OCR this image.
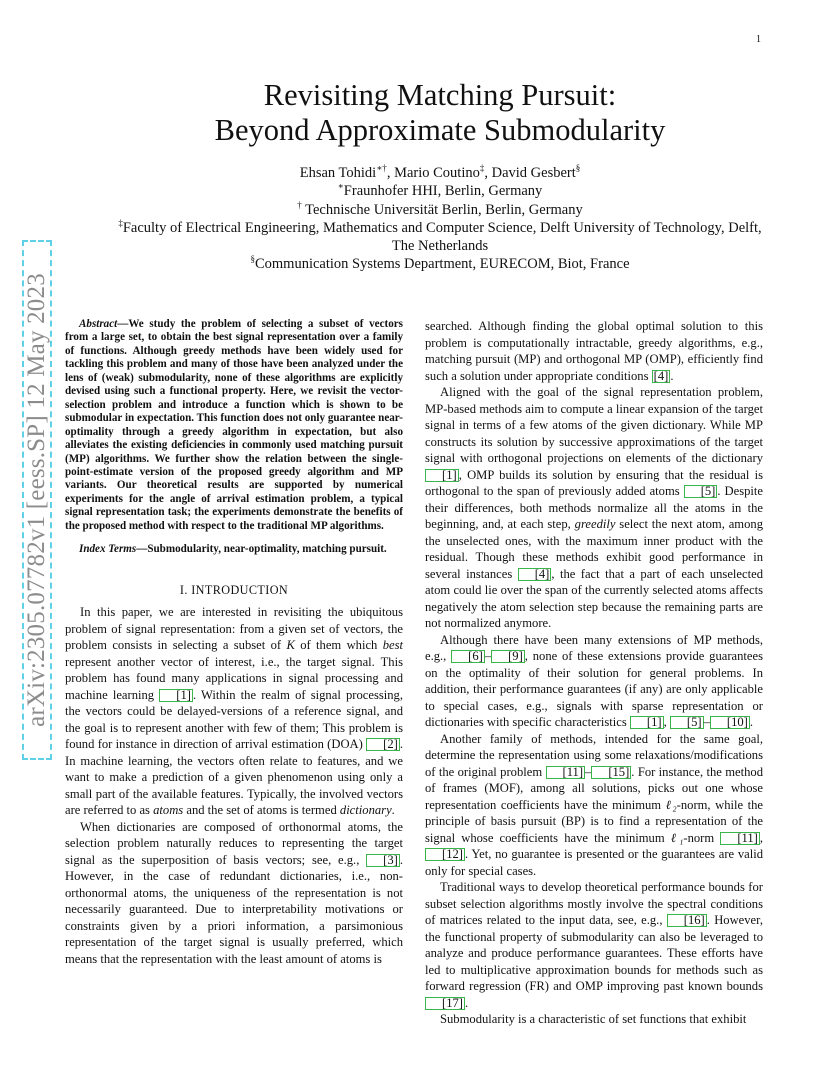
1
arXiv:2305.07782v1 [eess.SP] 12 May 2023
Revisiting Matching Pursuit:
Beyond Approximate Submodularity
Ehsan Tohidi∗†, Mario Coutino‡, David Gesbert§
∗Fraunhofer HHI, Berlin, Germany
† Technische Universität Berlin, Berlin, Germany
‡Faculty of Electrical Engineering, Mathematics and Computer Science, Delft University of Technology, Delft,
The Netherlands
§Communication Systems Department, EURECOM, Biot, France
Abstract—We study the problem of selecting a subset of vectors from a large set, to obtain the best signal representation over a family of functions. Although greedy methods have been widely used for tackling this problem and many of those have been analyzed under the lens of (weak) submodularity, none of these algorithms are explicitly devised using such a functional property. Here, we revisit the vector-selection problem and introduce a function which is shown to be submodular in expectation. This function does not only guarantee near-optimality through a greedy algorithm in expectation, but also alleviates the existing deficiencies in commonly used matching pursuit (MP) algorithms. We further show the relation between the single-point-estimate version of the proposed greedy algorithm and MP variants. Our theoretical results are supported by numerical experiments for the angle of arrival estimation problem, a typical signal representation task; the experiments demonstrate the benefits of the proposed method with respect to the traditional MP algorithms.
Index Terms—Submodularity, near-optimality, matching pursuit.
I. INTRODUCTION

In this paper, we are interested in revisiting the ubiquitous problem of signal representation: from a given set of vectors, the problem consists in selecting a subset of K of them which best represent another vector of interest, i.e., the target signal. This problem has found many applications in signal processing and machine learning [1] . Within the realm of signal processing, the vectors could be delayed-versions of a reference signal, and the goal is to represent another with few of them; This problem is found for instance in direction of arrival estimation (DOA) [2] . In machine learning, the vectors often relate to features, and we want to make a prediction of a given phenomenon using only a small part of the available features. Typically, the involved vectors are referred to as atoms and the set of atoms is termed dictionary.

When dictionaries are composed of orthonormal atoms, the selection problem naturally reduces to representing the target signal as the superposition of basis vectors; see, e.g., [3] . However, in the case of redundant dictionaries, i.e., non-orthonormal atoms, the uniqueness of the representation is not necessarily guaranteed. Due to interpretability motivations or constraints given by a priori information, a parsimonious representation of the target signal is usually preferred, which means that the representation with the least amount of atoms is

searched. Although finding the global optimal solution to this problem is computationally intractable, greedy algorithms, e.g., matching pursuit (MP) and orthogonal MP (OMP), efficiently find such a solution under appropriate conditions [4] .

Aligned with the goal of the signal representation problem, MP-based methods aim to compute a linear expansion of the target signal in terms of a few atoms of the given dictionary. While MP constructs its solution by successive approximations of the target signal with orthogonal projections on elements of the dictionary [1] , OMP builds its solution by ensuring that the residual is orthogonal to the span of previously added atoms [5] . Despite their differences, both methods normalize all the atoms in the beginning, and, at each step, greedily select the next atom, among the unselected ones, with the maximum inner product with the residual. Though these methods exhibit good performance in several instances [4] , the fact that a part of each unselected atom could lie over the span of the currently selected atoms affects negatively the atom selection step because the remaining parts are not normalized anymore.

Although there have been many extensions of MP methods, e.g., [6] – [9] , none of these extensions provide guarantees on the optimality of their solution for general problems. In addition, their performance guarantees (if any) are only applicable to special cases, e.g., signals with sparse representation or dictionaries with specific characteristics [1] , [5] – [10] .

Another family of methods, intended for the same goal, determine the representation using some relaxations/modifications of the original problem [11] – [15] . For instance, the method of frames (MOF), among all solutions, picks out one whose representation coefficients have the minimum ℓ₂-norm, while the principle of basis pursuit (BP) is to find a representation of the signal whose coefficients have the minimum ℓ₁-norm [11] , [12] . Yet, no guarantee is presented or the guarantees are valid only for special cases.

Traditional ways to develop theoretical performance bounds for subset selection algorithms mostly involve the spectral conditions of matrices related to the input data, see, e.g., [16] . However, the functional property of submodularity can also be leveraged to analyze and produce performance guarantees. These efforts have led to multiplicative approximation bounds for methods such as forward regression (FR) and OMP improving past known bounds [17] .

Submodularity is a characteristic of set functions that exhibit
